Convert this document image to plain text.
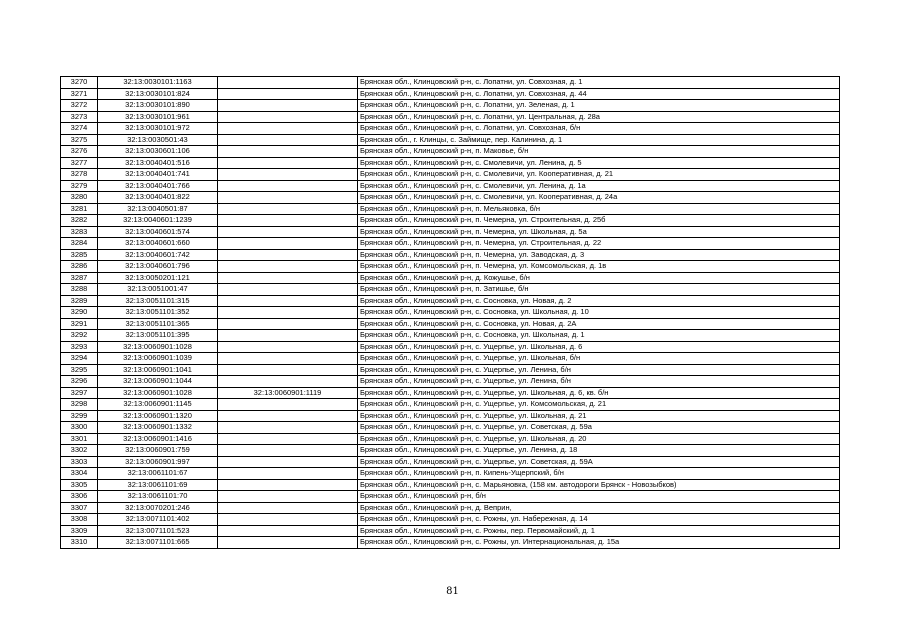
3270	32:13:0030101:1163		Брянская обл., Клинцовский р-н, с. Лопатни, ул. Совхозная, д. 1
3271	32:13:0030101:824		Брянская обл., Клинцовский р-н, с. Лопатни, ул. Совхозная, д. 44
3272	32:13:0030101:890		Брянская обл., Клинцовский р-н, с. Лопатни, ул. Зеленая, д. 1
3273	32:13:0030101:961		Брянская обл., Клинцовский р-н, с. Лопатни, ул. Центральная, д. 28а
3274	32:13:0030101:972		Брянская обл., Клинцовский р-н, с. Лопатни, ул. Совхозная, б/н
3275	32:13:0030501:43		Брянская обл., г. Клинцы, с. Займище, пер. Калинина, д. 1
3276	32:13:0030601:106		Брянская обл., Клинцовский р-н, п. Маковье, б/н
3277	32:13:0040401:516		Брянская обл., Клинцовский р-н, с. Смолевичи, ул. Ленина, д. 5
3278	32:13:0040401:741		Брянская обл., Клинцовский р-н, с. Смолевичи, ул. Кооперативная, д. 21
3279	32:13:0040401:766		Брянская обл., Клинцовский р-н, с. Смолевичи, ул. Ленина, д. 1а
3280	32:13:0040401:822		Брянская обл., Клинцовский р-н, с. Смолевичи, ул. Кооперативная, д. 24а
3281	32:13:0040501:87		Брянская обл., Клинцовский р-н, п. Мельяковка, б/н
3282	32:13:0040601:1239		Брянская обл., Клинцовский р-н, п. Чемерна, ул. Строительная, д. 25б
3283	32:13:0040601:574		Брянская обл., Клинцовский р-н, п. Чемерна, ул. Школьная, д. 5а
3284	32:13:0040601:660		Брянская обл., Клинцовский р-н, п. Чемерна, ул. Строительная, д. 22
3285	32:13:0040601:742		Брянская обл., Клинцовский р-н, п. Чемерна, ул. Заводская, д. 3
3286	32:13:0040601:796		Брянская обл., Клинцовский р-н, п. Чемерна, ул. Комсомольская, д. 1в
3287	32:13:0050201:121		Брянская обл., Клинцовский р-н, д. Кожушье, б/н
3288	32:13:0051001:47		Брянская обл., Клинцовский р-н, п. Затишье, б/н
3289	32:13:0051101:315		Брянская обл., Клинцовский р-н, с. Сосновка, ул. Новая, д. 2
3290	32:13:0051101:352		Брянская обл., Клинцовский р-н, с. Сосновка, ул. Школьная, д. 10
3291	32:13:0051101:365		Брянская обл., Клинцовский р-н, с. Сосновка, ул. Новая, д. 2А
3292	32:13:0051101:395		Брянская обл., Клинцовский р-н, с. Сосновка, ул. Школьная, д. 1
3293	32:13:0060901:1028		Брянская обл., Клинцовский р-н, с. Ущерпье, ул. Школьная, д. 6
3294	32:13:0060901:1039		Брянская обл., Клинцовский р-н, с. Ущерпье, ул. Школьная, б/н
3295	32:13:0060901:1041		Брянская обл., Клинцовский р-н, с. Ущерпье, ул. Ленина, б/н
3296	32:13:0060901:1044		Брянская обл., Клинцовский р-н, с. Ущерпье, ул. Ленина, б/н
3297	32:13:0060901:1028	32:13:0060901:1119	Брянская обл., Клинцовский р-н, с. Ущерпье, ул. Школьная, д. 6, кв. б/н
3298	32:13:0060901:1145		Брянская обл., Клинцовский р-н, с. Ущерпье, ул. Комсомольская, д. 21
3299	32:13:0060901:1320		Брянская обл., Клинцовский р-н, с. Ущерпье, ул. Школьная, д. 21
3300	32:13:0060901:1332		Брянская обл., Клинцовский р-н, с. Ущерпье, ул. Советская, д. 59а
3301	32:13:0060901:1416		Брянская обл., Клинцовский р-н, с. Ущерпье, ул. Школьная, д. 20
3302	32:13:0060901:759		Брянская обл., Клинцовский р-н, с. Ущерпье, ул. Ленина, д. 18
3303	32:13:0060901:997		Брянская обл., Клинцовский р-н, с. Ущерпье, ул. Советская, д. 59А
3304	32:13:0061101:67		Брянская обл., Клинцовский р-н, п. Кипень-Ущерпский, б/н
3305	32:13:0061101:69		Брянская обл., Клинцовский р-н, с. Марьяновка, (158 км. автодороги Брянск - Новозыбков)
3306	32:13:0061101:70		Брянская обл., Клинцовский р-н, б/н
3307	32:13:0070201:246		Брянская обл., Клинцовский р-н, д. Веприн,
3308	32:13:0071101:402		Брянская обл., Клинцовский р-н, с. Рожны, ул. Набережная, д. 14
3309	32:13:0071101:523		Брянская обл., Клинцовский р-н, с. Рожны, пер. Первомайский, д. 1
3310	32:13:0071101:665		Брянская обл., Клинцовский р-н, с. Рожны, ул. Интернациональная, д. 15а
81
